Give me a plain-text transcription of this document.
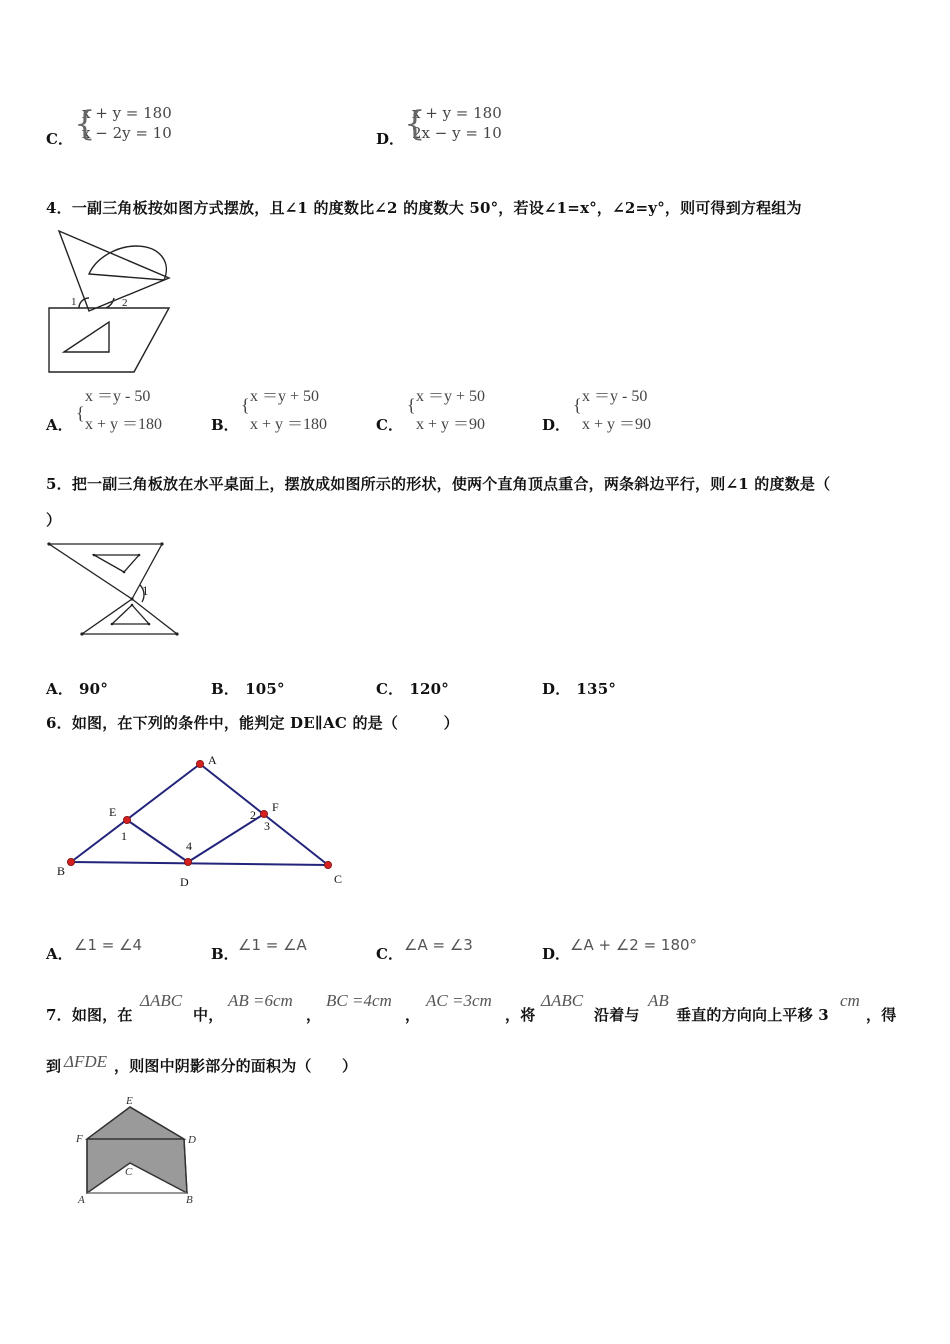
C． {
x + y = 180
x − 2y = 10	D． {
x + y = 180
2x − y = 10
4．一副三角板按如图方式摆放，且∠1 的度数比∠2 的度数大 50°，若设∠1=x°，∠2=y°，则可得到方程组为
1	2
A．
{
x ＝y - 50
x + y ＝180	B．
{ x ＝y + 50
x + y ＝180	C．
{ x ＝y + 50
x + y ＝90	D．
{ x ＝y - 50
x + y ＝90
5．把一副三角板放在水平桌面上，摆放成如图所示的形状，使两个直角顶点重合，两条斜边平行，则∠1 的度数是（
）
1
A． 90°	B． 105°	C． 120°	D． 135°
6．如图，在下列的条件中，能判定 DE∥AC 的是（　　　）
A
B
C
D
E	F
1
2
3
4
A． ∠1 = ∠4	B． ∠1 = ∠A	C． ∠A = ∠3	D． ∠A + ∠2 = 180°
7．如图，在
ΔABC
中，
AB =6cm
，
BC =4cm
，
AC =3cm
，将
ΔABC
沿着与
AB
垂直的方向向上平移 3
cm
，得
到 ΔFDE ，则图中阴影部分的面积为（　　）
E
F	D
A
C
B
